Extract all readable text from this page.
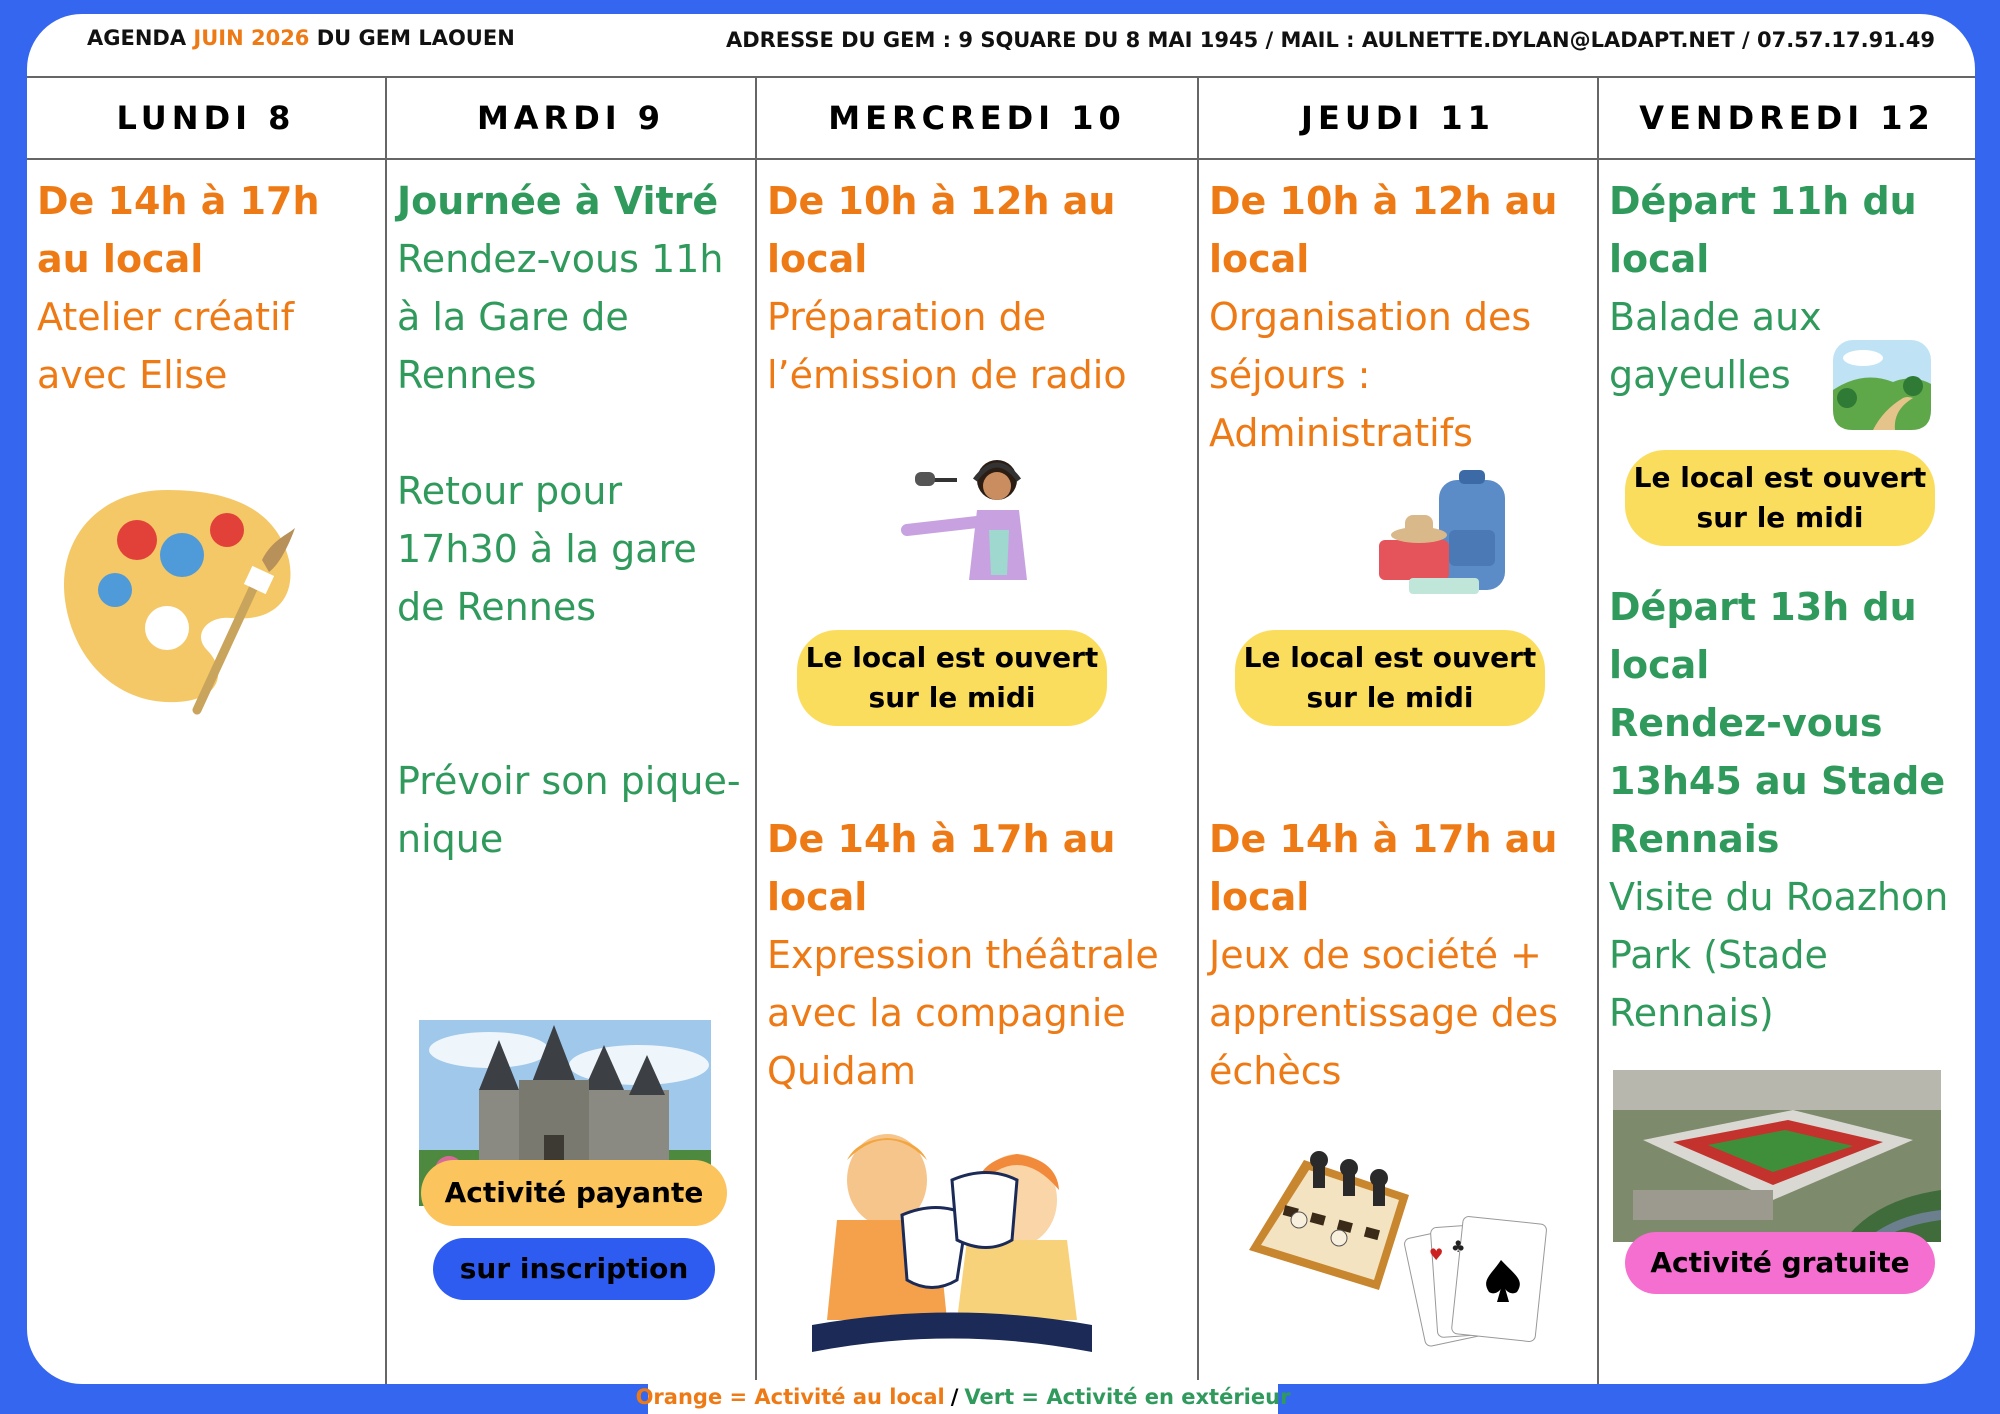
AGENDA JUIN 2026 DU GEM LAOUEN	ADRESSE DU GEM : 9 SQUARE DU 8 MAI 1945 / MAIL : AULNETTE.DYLAN@LADAPT.NET / 07.57.17.91.49
LUNDI 8
De 14h à 17h
au local
Atelier créatif
avec Elise
MARDI 9
Journée à Vitré
Rendez-vous 11h
à la Gare de
Rennes
Retour pour
17h30 à la gare
de Rennes
Prévoir son pique-
nique
Activité payante
sur inscription
MERCREDI 10
De 10h à 12h au
local
Préparation de
l’émission de radio
Le local est ouvert
sur le midi
De 14h à 17h au
local
Expression théâtrale
avec la compagnie
Quidam
JEUDI 11
De 10h à 12h au
local
Organisation des
séjours :
Administratifs
Le local est ouvert
sur le midi
De 14h à 17h au
local
Jeux de société +
apprentissage des
échècs
♥ ♣
VENDREDI 12
Départ 11h du
local
Balade aux
gayeulles
Le local est ouvert
sur le midi
Départ 13h du
local
Rendez-vous
13h45 au Stade
Rennais
Visite du Roazhon
Park (Stade
Rennais)
Activité gratuite
Orange = Activité au local / Vert = Activité en extérieur
